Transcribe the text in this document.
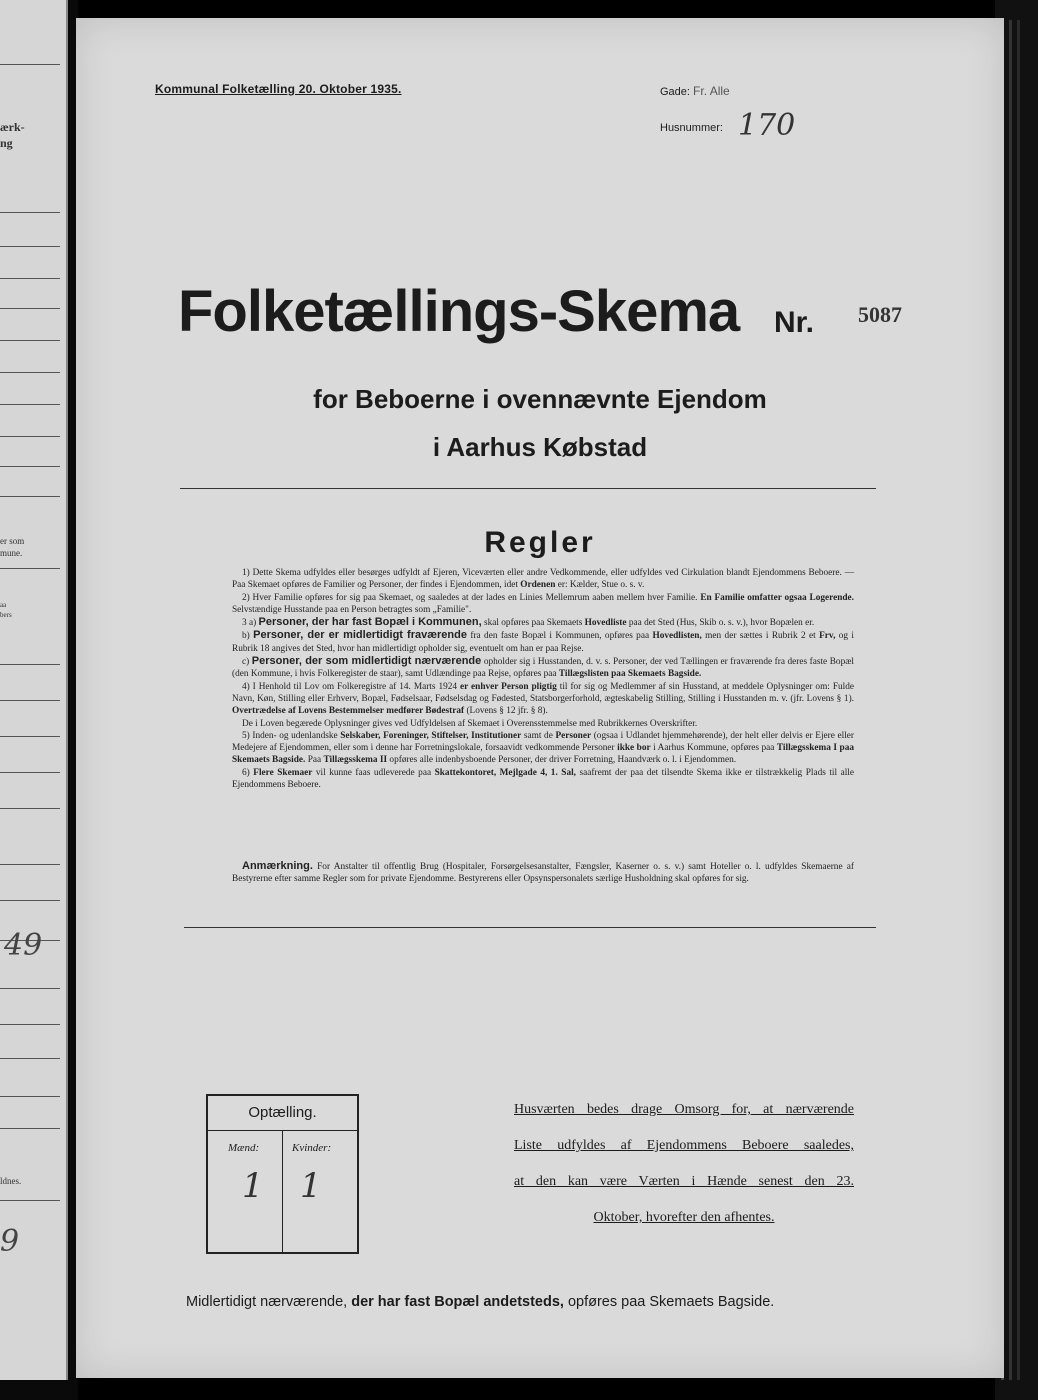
ærk-
ng
er som
mune.
aa
bers
49
ldnes.
9
Kommunal Folketælling 20. Oktober 1935.	Gade: Fr. Alle
Husnummer: 170
Folketællings-Skema Nr. 5087
for Beboerne i ovennævnte Ejendom
i Aarhus Købstad
Regler

1) Dette Skema udfyldes eller besørges udfyldt af Ejeren, Viceværten eller andre Vedkommende, eller udfyldes ved Cirkulation blandt Ejendommens Beboere. — Paa Skemaet opføres de Familier og Personer, der findes i Ejendommen, idet Ordenen er: Kælder, Stue o. s. v.

2) Hver Familie opføres for sig paa Skemaet, og saaledes at der lades en Linies Mellemrum aaben mellem hver Familie. En Familie omfatter ogsaa Logerende. Selvstændige Husstande paa en Person betragtes som „Familie".

3 a) Personer, der har fast Bopæl i Kommunen, skal opføres paa Skemaets Hovedliste paa det Sted (Hus, Skib o. s. v.), hvor Bopælen er.

b) Personer, der er midlertidigt fraværende fra den faste Bopæl i Kommunen, opføres paa Hovedlisten, men der sættes i Rubrik 2 et Frv, og i Rubrik 18 angives det Sted, hvor han midlertidigt opholder sig, eventuelt om han er paa Rejse.

c) Personer, der som midlertidigt nærværende opholder sig i Husstanden, d. v. s. Personer, der ved Tællingen er fraværende fra deres faste Bopæl (den Kommune, i hvis Folkeregister de staar), samt Udlændinge paa Rejse, opføres paa Tillægslisten paa Skemaets Bagside.

4) I Henhold til Lov om Folkeregistre af 14. Marts 1924 er enhver Person pligtig til for sig og Medlemmer af sin Husstand, at meddele Oplysninger om: Fulde Navn, Køn, Stilling eller Erhverv, Bopæl, Fødselsaar, Fødselsdag og Fødested, Statsborgerforhold, ægteskabelig Stilling, Stilling i Husstanden m. v. (jfr. Lovens § 1). Overtrædelse af Lovens Bestemmelser medfører Bødestraf (Lovens § 12 jfr. § 8).

De i Loven begærede Oplysninger gives ved Udfyldelsen af Skemaet i Overensstemmelse med Rubrikkernes Overskrifter.

5) Inden- og udenlandske Selskaber, Foreninger, Stiftelser, Institutioner samt de Personer (ogsaa i Udlandet hjemmehørende), der helt eller delvis er Ejere eller Medejere af Ejendommen, eller som i denne har Forretningslokale, forsaavidt vedkommende Personer ikke bor i Aarhus Kommune, opføres paa Tillægsskema I paa Skemaets Bagside. Paa Tillægsskema II opføres alle indenbysboende Personer, der driver Forretning, Haandværk o. l. i Ejendommen.

6) Flere Skemaer vil kunne faas udleverede paa Skattekontoret, Mejlgade 4, 1. Sal, saafremt der paa det tilsendte Skema ikke er tilstrækkelig Plads til alle Ejendommens Beboere.

Anmærkning. For Anstalter til offentlig Brug (Hospitaler, Forsørgelsesanstalter, Fængsler, Kaserner o. s. v.) samt Hoteller o. l. udfyldes Skemaerne af Bestyrerne efter samme Regler som for private Ejendomme. Bestyrerens eller Opsynspersonalets særlige Husholdning skal opføres for sig.

Optælling.
Mænd:	Kvinder:
1 1
Husværten bedes drage Omsorg for, at nærværende
Liste udfyldes af Ejendommens Beboere saaledes,
at den kan være Værten i Hænde senest den 23.
Oktober, hvorefter den afhentes.
Midlertidigt nærværende, der har fast Bopæl andetsteds, opføres paa Skemaets Bagside.
